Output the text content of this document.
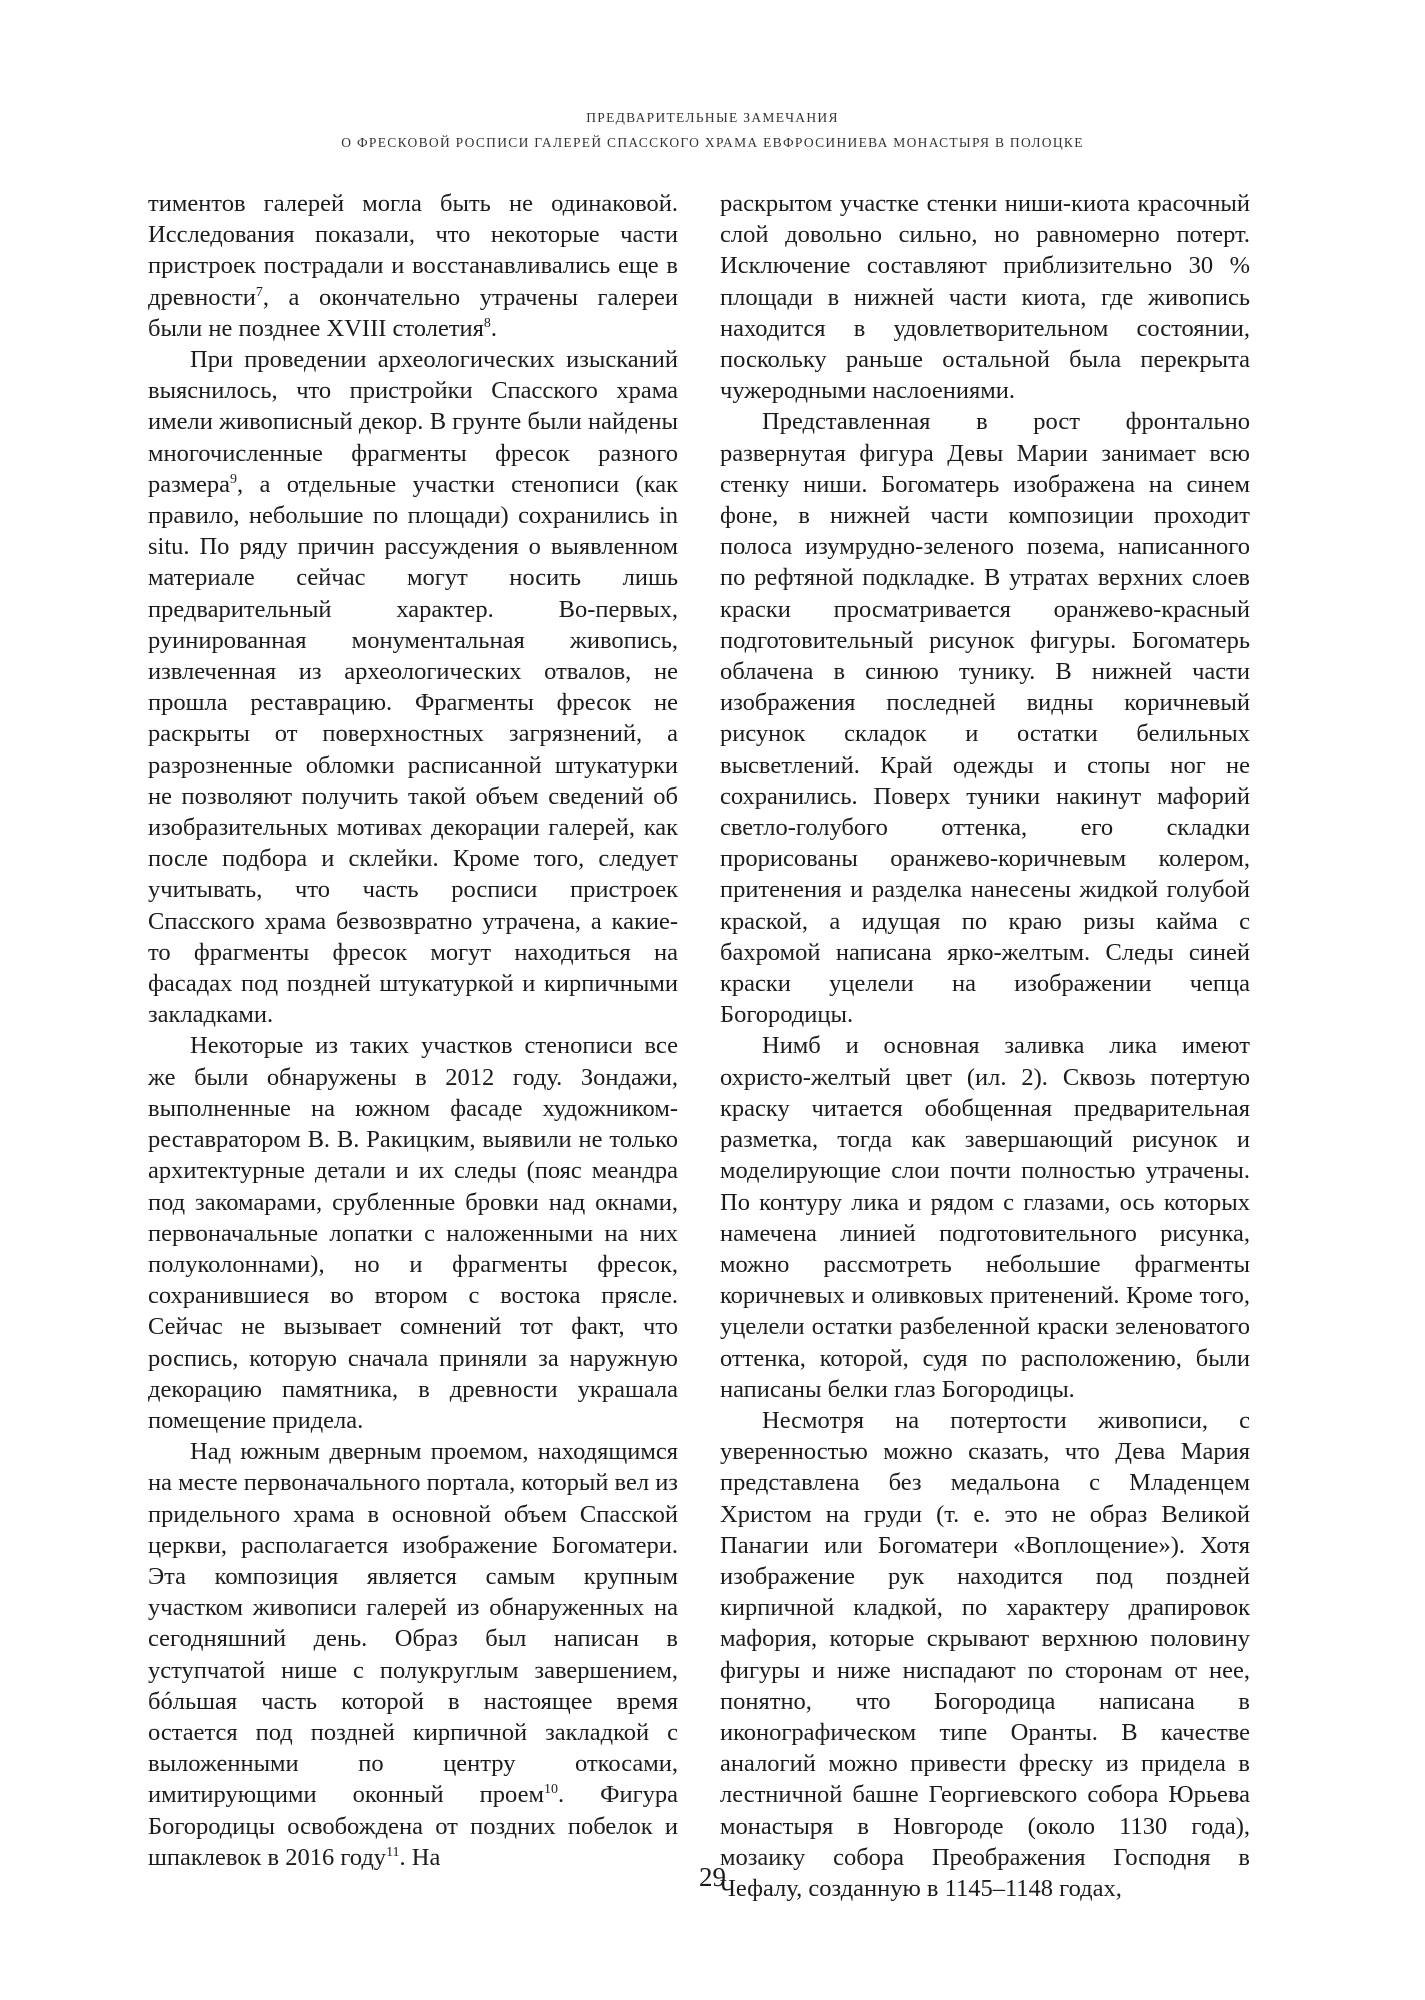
ПРЕДВАРИТЕЛЬНЫЕ ЗАМЕЧАНИЯ
О ФРЕСКОВОЙ РОСПИСИ ГАЛЕРЕЙ СПАССКОГО ХРАМА ЕВФРОСИНИЕВА МОНАСТЫРЯ В ПОЛОЦКЕ

тиментов галерей могла быть не одинаковой. Исследования показали, что некоторые части пристроек пострадали и восстанавливались еще в древности$^7$, а окончательно утрачены галереи были не позднее XVIII столетия$^8$.

При проведении археологических изысканий выяснилось, что пристройки Спасского храма имели живописный декор. В грунте были найдены многочисленные фрагменты фресок разного размера$^9$, а отдельные участки стенописи (как правило, небольшие по площади) сохранились in situ. По ряду причин рассуждения о выявленном материале сейчас могут носить лишь предварительный характер. Во-первых, руинированная монументальная живопись, извлеченная из археологических отвалов, не прошла реставрацию. Фрагменты фресок не раскрыты от поверхностных загрязнений, а разрозненные обломки расписанной штукатурки не позволяют получить такой объем сведений об изобразительных мотивах декорации галерей, как после подбора и склейки. Кроме того, следует учитывать, что часть росписи пристроек Спасского храма безвозвратно утрачена, а какие-то фрагменты фресок могут находиться на фасадах под поздней штукатуркой и кирпичными закладками.

Некоторые из таких участков стенописи все же были обнаружены в 2012 году. Зондажи, выполненные на южном фасаде художником-реставратором В. В. Ракицким, выявили не только архитектурные детали и их следы (пояс меандра под закомарами, срубленные бровки над окнами, первоначальные лопатки с наложенными на них полуколоннами), но и фрагменты фресок, сохранившиеся во втором с востока прясле. Сейчас не вызывает сомнений тот факт, что роспись, которую сначала приняли за наружную декорацию памятника, в древности украшала помещение придела.

Над южным дверным проемом, находящимся на месте первоначального портала, который вел из придельного храма в основной объем Спасской церкви, располагается изображение Богоматери. Эта композиция является самым крупным участком живописи галерей из обнаруженных на сегодняшний день. Образ был написан в уступчатой нише с полукруглым завершением, бóльшая часть которой в настоящее время остается под поздней кирпичной закладкой с выложенными по центру откосами, имитирующими оконный проем$^{10}$. Фигура Богородицы освобождена от поздних побелок и шпаклевок в 2016 году$^{11}$. На

раскрытом участке стенки ниши-киота красочный слой довольно сильно, но равномерно потерт. Исключение составляют приблизительно 30 % площади в нижней части киота, где живопись находится в удовлетворительном состоянии, поскольку раньше остальной была перекрыта чужеродными наслоениями.

Представленная в рост фронтально развернутая фигура Девы Марии занимает всю стенку ниши. Богоматерь изображена на синем фоне, в нижней части композиции проходит полоса изумрудно-зеленого позема, написанного по рефтяной подкладке. В утратах верхних слоев краски просматривается оранжево-красный подготовительный рисунок фигуры. Богоматерь облачена в синюю тунику. В нижней части изображения последней видны коричневый рисунок складок и остатки белильных высветлений. Край одежды и стопы ног не сохранились. Поверх туники накинут мафорий светло-голубого оттенка, его складки прорисованы оранжево-коричневым колером, притенения и разделка нанесены жидкой голубой краской, а идущая по краю ризы кайма с бахромой написана ярко-желтым. Следы синей краски уцелели на изображении чепца Богородицы.

Нимб и основная заливка лика имеют охристо-желтый цвет (ил. 2). Сквозь потертую краску читается обобщенная предварительная разметка, тогда как завершающий рисунок и моделирующие слои почти полностью утрачены. По контуру лика и рядом с глазами, ось которых намечена линией подготовительного рисунка, можно рассмотреть небольшие фрагменты коричневых и оливковых притенений. Кроме того, уцелели остатки разбеленной краски зеленоватого оттенка, которой, судя по расположению, были написаны белки глаз Богородицы.

Несмотря на потертости живописи, с уверенностью можно сказать, что Дева Мария представлена без медальона с Младенцем Христом на груди (т. е. это не образ Великой Панагии или Богоматери «Воплощение»). Хотя изображение рук находится под поздней кирпичной кладкой, по характеру драпировок мафория, которые скрывают верхнюю половину фигуры и ниже ниспадают по сторонам от нее, понятно, что Богородица написана в иконографическом типе Оранты. В качестве аналогий можно привести фреску из придела в лестничной башне Георгиевского собора Юрьева монастыря в Новгороде (около 1130 года), мозаику собора Преображения Господня в Чефалу, созданную в 1145–1148 годах,

29
